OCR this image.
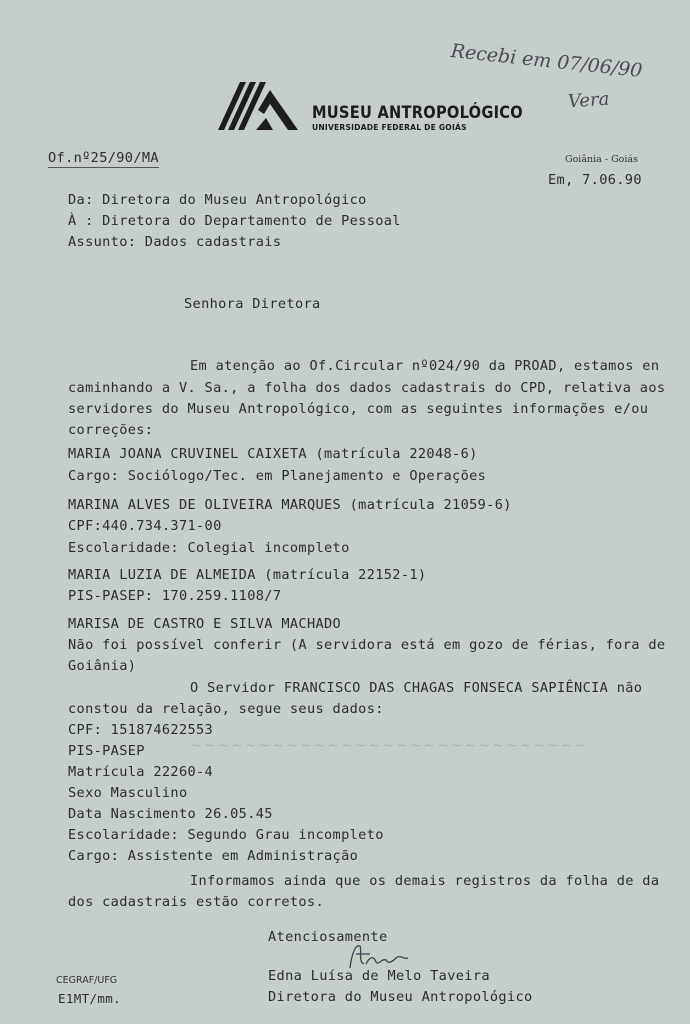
Recebi em 07/06/90
Vera
MUSEU ANTROPOLÓGICO
UNIVERSIDADE FEDERAL DE GOIÁS
Of.nº25/90/MA	Goiânia - Goiás
Em, 7.06.90
Da: Diretora do Museu Antropológico
À : Diretora do Departamento de Pessoal
Assunto: Dados cadastrais
Senhora Diretora
Em atenção ao Of.Circular nº024/90 da PROAD, estamos en
caminhando a V. Sa., a folha dos dados cadastrais do CPD, relativa aos
servidores do Museu Antropológico, com as seguintes informações e/ou
correções:
MARIA JOANA CRUVINEL CAIXETA (matrícula 22048-6)
Cargo: Sociólogo/Tec. em Planejamento e Operações
MARINA ALVES DE OLIVEIRA MARQUES (matrícula 21059-6)
CPF:440.734.371-00
Escolaridade: Colegial incompleto
MARIA LUZIA DE ALMEIDA (matrícula 22152-1)
PIS-PASEP: 170.259.1108/7
MARISA DE CASTRO E SILVA MACHADO
Não foi possível conferir (A servidora está em gozo de férias, fora de
Goiânia)
O Servidor FRANCISCO DAS CHAGAS FONSECA SAPIÊNCIA não
constou da relação, segue seus dados:
CPF: 151874622553
PIS-PASEP	~~~~~~~~~~~~~~~~~~~~~~~~~~~~~
Matrícula 22260-4
Sexo Masculino
Data Nascimento 26.05.45
Escolaridade: Segundo Grau incompleto
Cargo: Assistente em Administração
Informamos ainda que os demais registros da folha de da
dos cadastrais estão corretos.
Atenciosamente
Edna Luísa de Melo Taveira
Diretora do Museu Antropológico
CEGRAF/UFG
E1MT/mm.
